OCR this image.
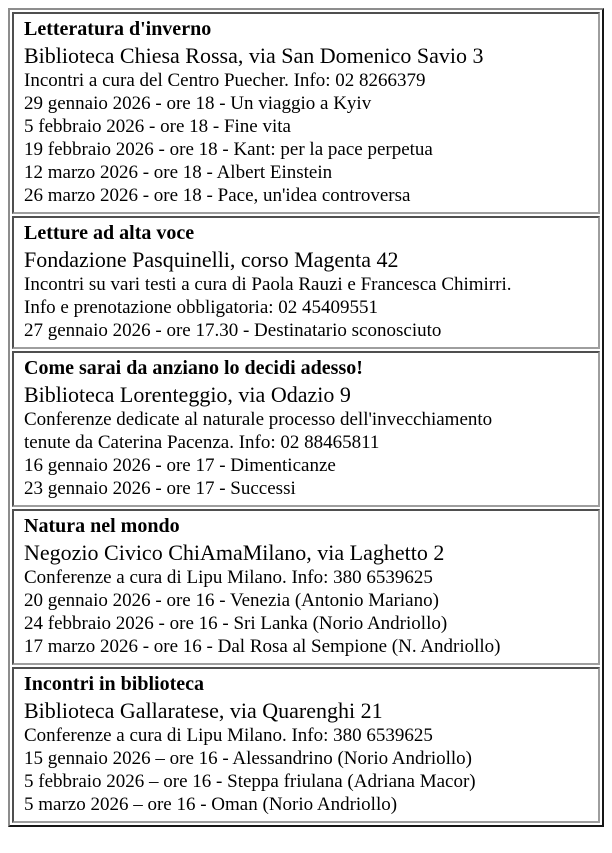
Letteratura d'inverno
Biblioteca Chiesa Rossa, via San Domenico Savio 3
Incontri a cura del Centro Puecher. Info: 02 8266379
29 gennaio 2026 - ore 18 - Un viaggio a Kyiv
5 febbraio 2026 - ore 18 - Fine vita
19 febbraio 2026 - ore 18 - Kant: per la pace perpetua
12 marzo 2026 - ore 18 - Albert Einstein
26 marzo 2026 - ore 18 - Pace, un'idea controversa

Letture ad alta voce
Fondazione Pasquinelli, corso Magenta 42
Incontri su vari testi a cura di Paola Rauzi e Francesca Chimirri.
Info e prenotazione obbligatoria: 02 45409551
27 gennaio 2026 - ore 17.30 - Destinatario sconosciuto

Come sarai da anziano lo decidi adesso!
Biblioteca Lorenteggio, via Odazio 9
Conferenze dedicate al naturale processo dell'invecchiamento
tenute da Caterina Pacenza. Info: 02 88465811
16 gennaio 2026 - ore 17 - Dimenticanze
23 gennaio 2026 - ore 17 - Successi

Natura nel mondo
Negozio Civico ChiAmaMilano, via Laghetto 2
Conferenze a cura di Lipu Milano. Info: 380 6539625
20 gennaio 2026 - ore 16 - Venezia (Antonio Mariano)
24 febbraio 2026 - ore 16 - Sri Lanka (Norio Andriollo)
17 marzo 2026 - ore 16 - Dal Rosa al Sempione (N. Andriollo)

Incontri in biblioteca
Biblioteca Gallaratese, via Quarenghi 21
Conferenze a cura di Lipu Milano. Info: 380 6539625
15 gennaio 2026 – ore 16 - Alessandrino (Norio Andriollo)
5 febbraio 2026 – ore 16 - Steppa friulana (Adriana Macor)
5 marzo 2026 – ore 16 - Oman (Norio Andriollo)
